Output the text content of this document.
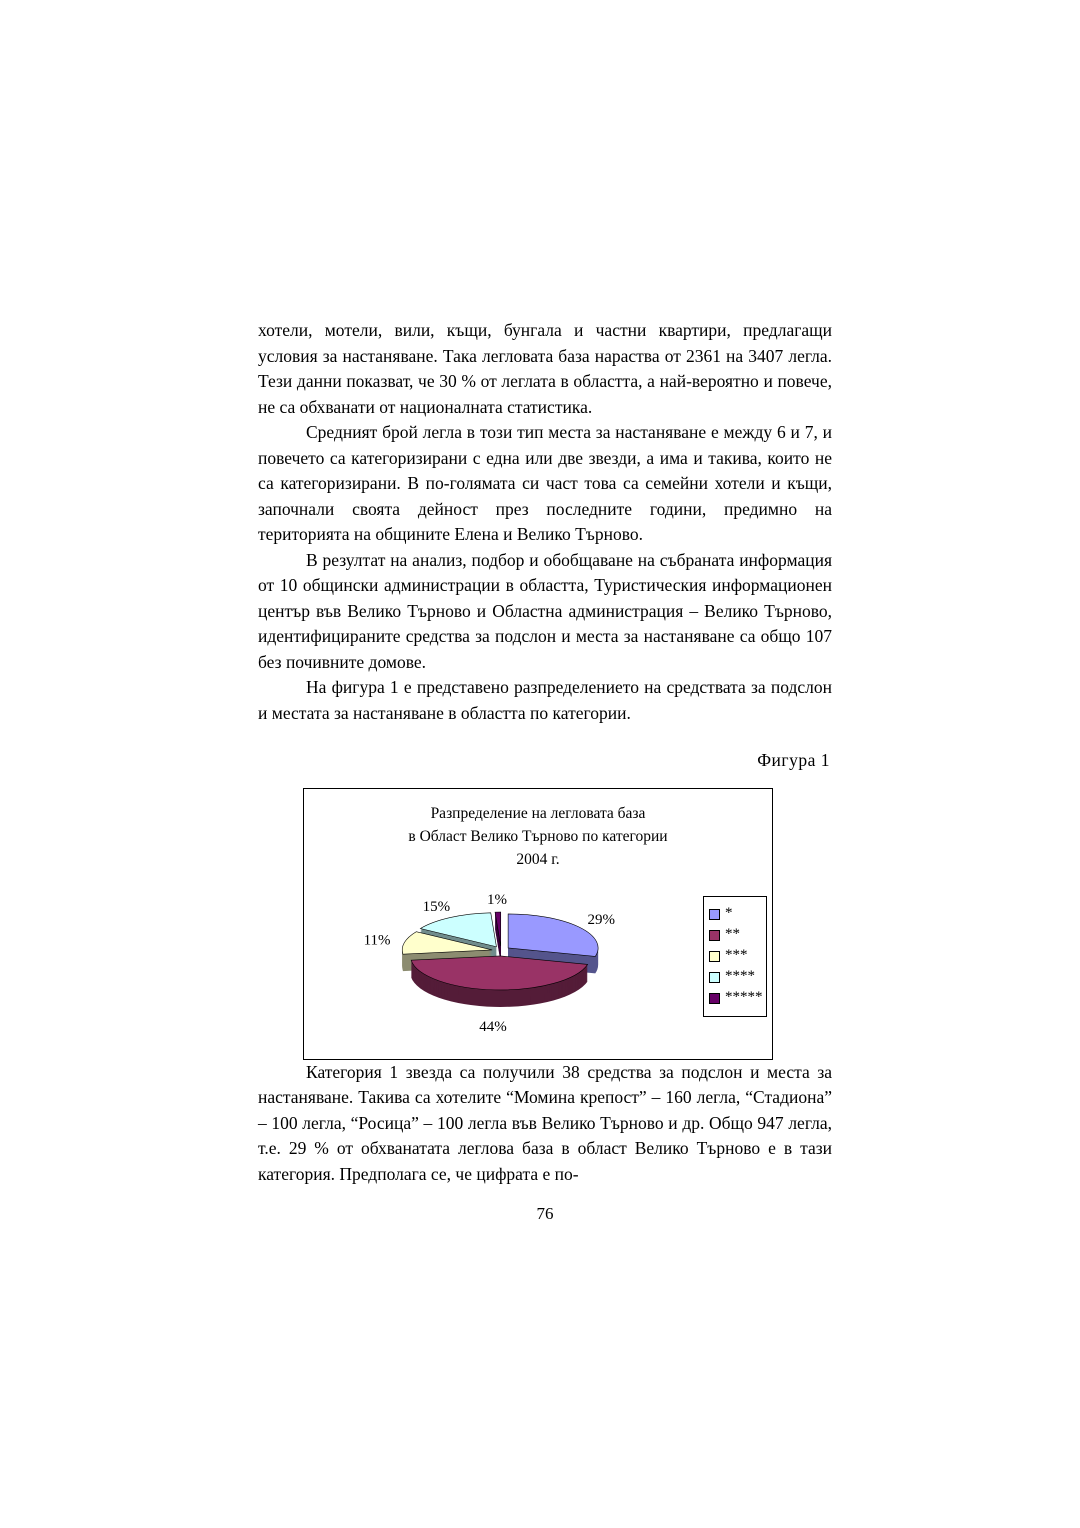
хотели, мотели, вили, къщи, бунгала и частни квартири, предлагащи условия за настаняване. Така легловата база нараства от 2361 на 3407 легла. Тези данни показват, че 30 % от леглата в областта, а най-вероятно и повече, не са обхванати от националната статистика.

Средният брой легла в този тип места за настаняване е между 6 и 7, и повечето са категоризирани с една или две звезди, а има и такива, които не са категоризирани. В по-голямата си част това са семейни хотели и къщи, започнали своята дейност през последните години, предимно на територията на общините Елена и Велико Търново.

В резултат на анализ, подбор и обобщаване на събраната информация от 10 общински администрации в областта, Туристическия информационен център във Велико Търново и Областна администрация – Велико Търново, идентифицираните средства за подслон и места за настаняване са общо 107 без почивните домове.

На фигура 1 е представено разпределението на средствата за подслон и местата за настаняване в областта по категории.

Фигура 1
Разпределение на легловата база
в Област Велико Търново по категории
2004 г.
29%
44%
11%
15% 1%
*
**
***
****
*****

Категория 1 звезда са получили 38 средства за подслон и места за настаняване. Такива са хотелите “Момина крепост” – 160 легла, “Стадиона” – 100 легла, “Росица” – 100 легла във Велико Търново и др. Общо 947 легла, т.е. 29 % от обхванатата леглова база в област Велико Търново е в тази категория. Предполага се, че цифрата е по-

76
